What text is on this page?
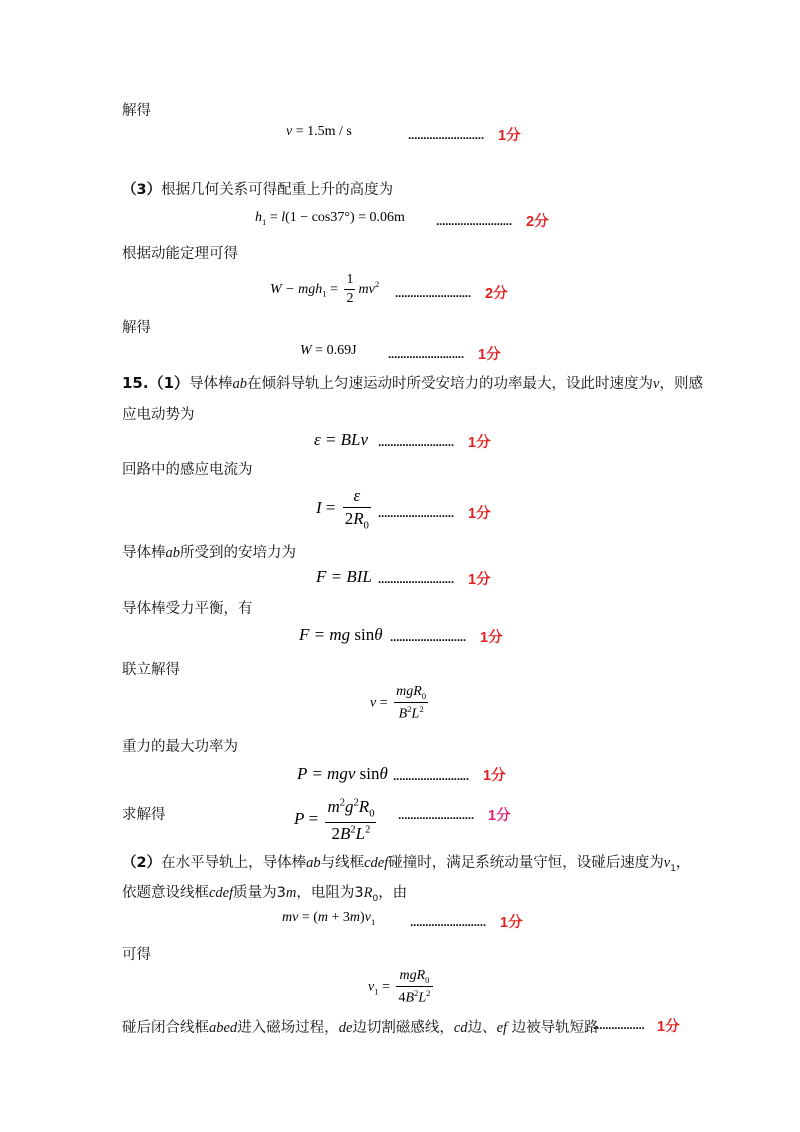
解得
v = 1.5m / s	......................... 1分
（3）根据几何关系可得配重上升的高度为
$h_1 = l(1 - \cos 37^\circ) = 0.06m$	......................... 2分
根据动能定理可得
$W - mgh_1 = \frac{1}{2} mv^2$
......................... 2分
解得
W = 0.69J	......................... 1分
15.（1）导体棒ab在倾斜导轨上匀速运动时所受安培力的功率最大，设此时速度为v，则感
应电动势为
ε = BLv ......................... 1分
回路中的感应电流为
$I = \frac{\varepsilon}{2R_0}$ ......................... 1分
导体棒ab所受到的安培力为
F = BIL ......................... 1分
导体棒受力平衡，有
F = mg sinθ ......................... 1分
联立解得
$v = \frac{mgR_0}{B^2L^2}$
重力的最大功率为
P = mgv sinθ ......................... 1分
求解得	$P = \frac{m^2g^2R_0}{2B^2L^2}$ ......................... 1分
（2）在水平导轨上，导体棒ab与线框cdef碰撞时，满足系统动量守恒，设碰后速度为$v_1$，
依题意设线框cdef质量为3m，电阻为$3R_0$，由
mv = $(m + 3m)v_1$	......................... 1分
可得
$v_1 = \frac{mgR_0}{4B^2L^2}$
碰后闭合线框abed进入磁场过程，de边切割磁感线，cd边、ef 边被导轨短路
................. 1分
